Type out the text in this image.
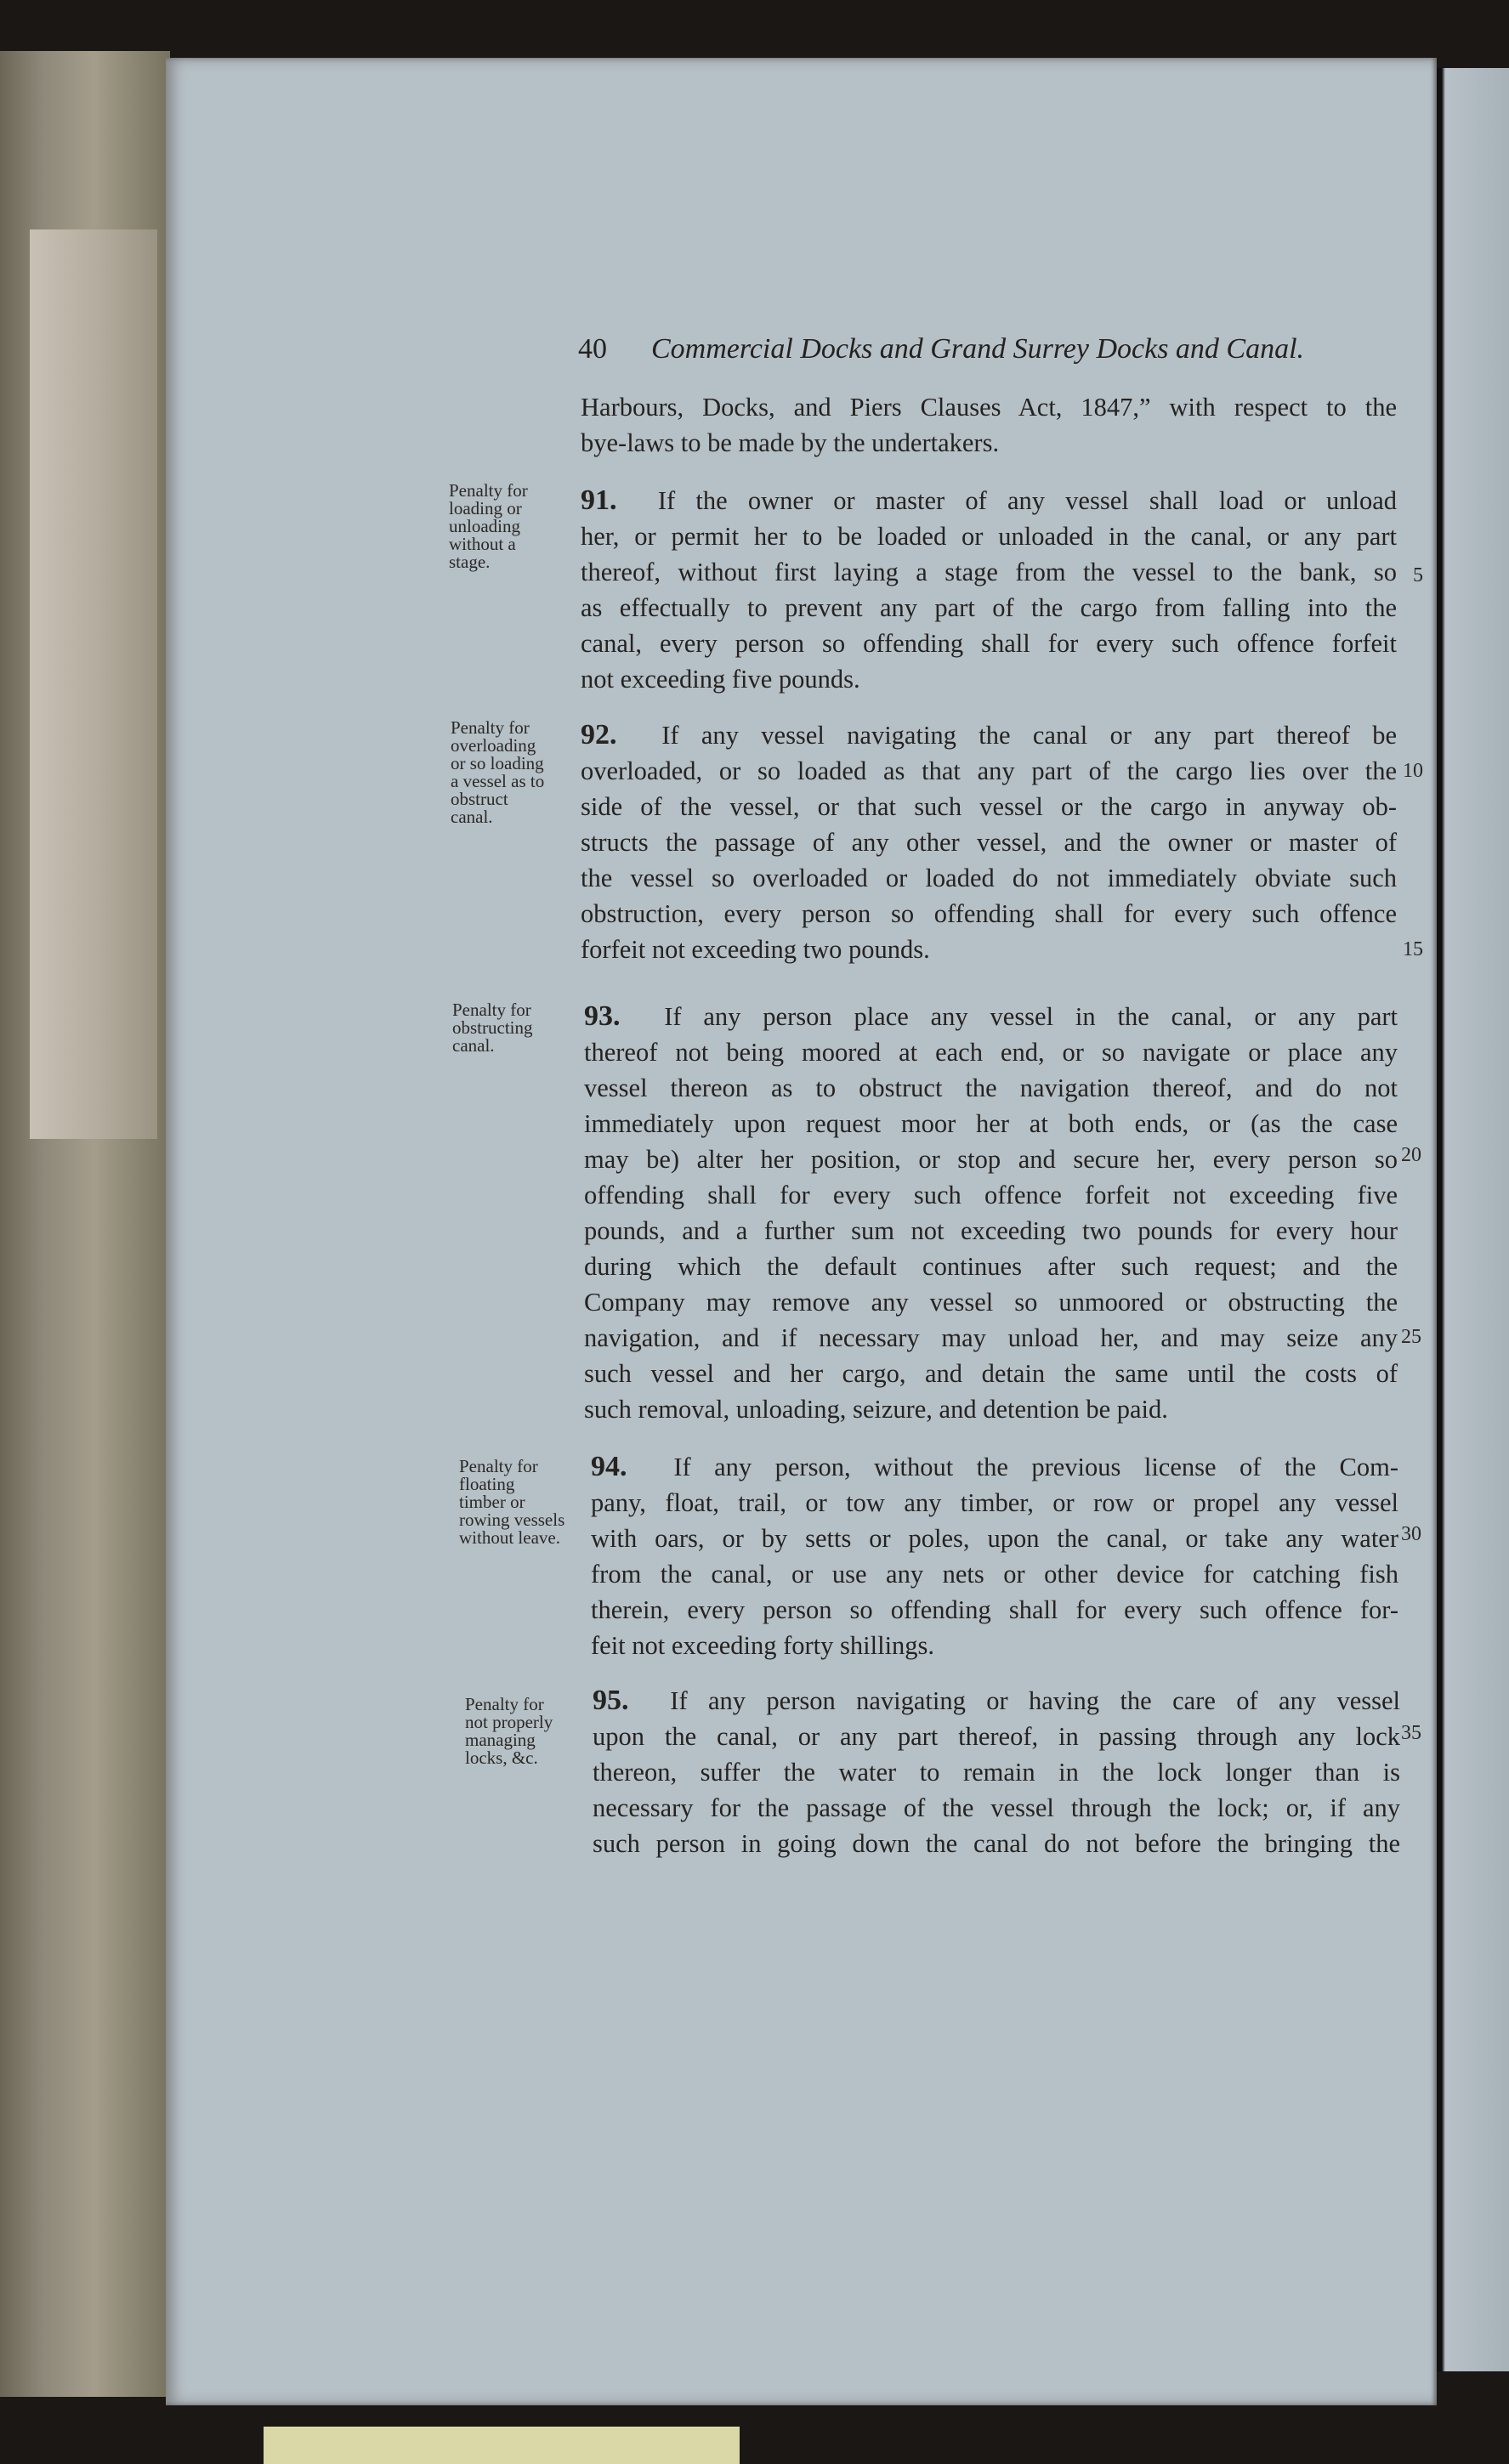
40 Commercial Docks and Grand Surrey Docks and Canal.
Harbours, Docks, and Piers Clauses Act, 1847,” with respect to the
bye-laws to be made by the undertakers.
Penalty for
loading or
unloading
without a
stage.
91. If the owner or master of any vessel shall load or unload
her, or permit her to be loaded or unloaded in the canal, or any part
thereof, without first laying a stage from the vessel to the bank, so
as effectually to prevent any part of the cargo from falling into the
canal, every person so offending shall for every such offence forfeit
not exceeding five pounds.
Penalty for
overloading
or so loading
a vessel as to
obstruct
canal.
92. If any vessel navigating the canal or any part thereof be
overloaded, or so loaded as that any part of the cargo lies over the
side of the vessel, or that such vessel or the cargo in anyway ob-
structs the passage of any other vessel, and the owner or master of
the vessel so overloaded or loaded do not immediately obviate such
obstruction, every person so offending shall for every such offence
forfeit not exceeding two pounds.
Penalty for
obstructing
canal.
93. If any person place any vessel in the canal, or any part
thereof not being moored at each end, or so navigate or place any
vessel thereon as to obstruct the navigation thereof, and do not
immediately upon request moor her at both ends, or (as the case
may be) alter her position, or stop and secure her, every person so
offending shall for every such offence forfeit not exceeding five
pounds, and a further sum not exceeding two pounds for every hour
during which the default continues after such request; and the
Company may remove any vessel so unmoored or obstructing the
navigation, and if necessary may unload her, and may seize any
such vessel and her cargo, and detain the same until the costs of
such removal, unloading, seizure, and detention be paid.
Penalty for
floating
timber or
rowing vessels
without leave.
94. If any person, without the previous license of the Com-
pany, float, trail, or tow any timber, or row or propel any vessel
with oars, or by setts or poles, upon the canal, or take any water
from the canal, or use any nets or other device for catching fish
therein, every person so offending shall for every such offence for-
feit not exceeding forty shillings.
Penalty for
not properly
managing
locks, &c.
95. If any person navigating or having the care of any vessel
upon the canal, or any part thereof, in passing through any lock
thereon, suffer the water to remain in the lock longer than is
necessary for the passage of the vessel through the lock; or, if any
such person in going down the canal do not before the bringing the
5
10
15
20
25
30
35
